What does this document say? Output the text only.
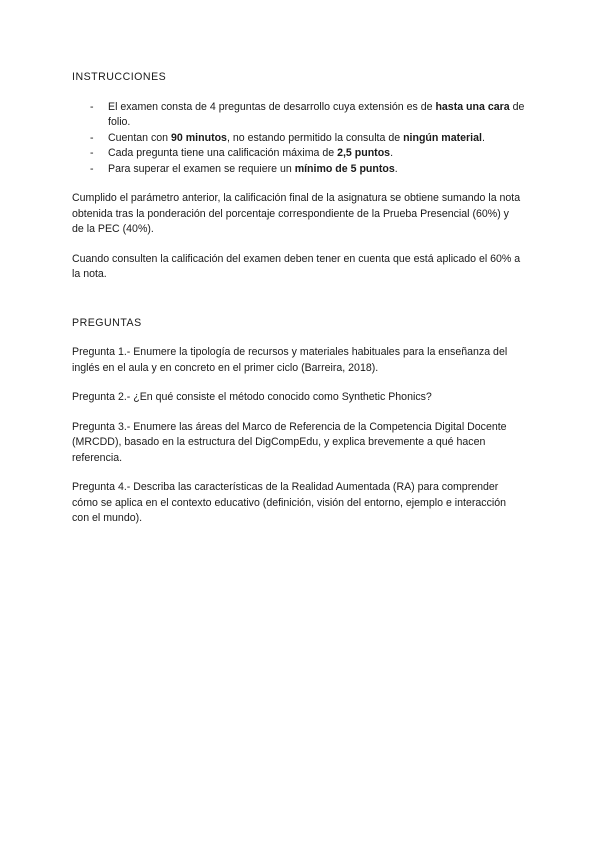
INSTRUCCIONES
- El examen consta de 4 preguntas de desarrollo cuya extensión es de hasta una cara de folio.
- Cuentan con 90 minutos, no estando permitido la consulta de ningún material.
- Cada pregunta tiene una calificación máxima de 2,5 puntos.
- Para superar el examen se requiere un mínimo de 5 puntos.

Cumplido el parámetro anterior, la calificación final de la asignatura se obtiene sumando la nota obtenida tras la ponderación del porcentaje correspondiente de la Prueba Presencial (60%) y de la PEC (40%).

Cuando consulten la calificación del examen deben tener en cuenta que está aplicado el 60% a la nota.

PREGUNTAS

Pregunta 1.- Enumere la tipología de recursos y materiales habituales para la enseñanza del inglés en el aula y en concreto en el primer ciclo (Barreira, 2018).

Pregunta 2.- ¿En qué consiste el método conocido como Synthetic Phonics?

Pregunta 3.- Enumere las áreas del Marco de Referencia de la Competencia Digital Docente (MRCDD), basado en la estructura del DigCompEdu, y explica brevemente a qué hacen referencia.

Pregunta 4.- Describa las características de la Realidad Aumentada (RA) para comprender cómo se aplica en el contexto educativo (definición, visión del entorno, ejemplo e interacción con el mundo).
